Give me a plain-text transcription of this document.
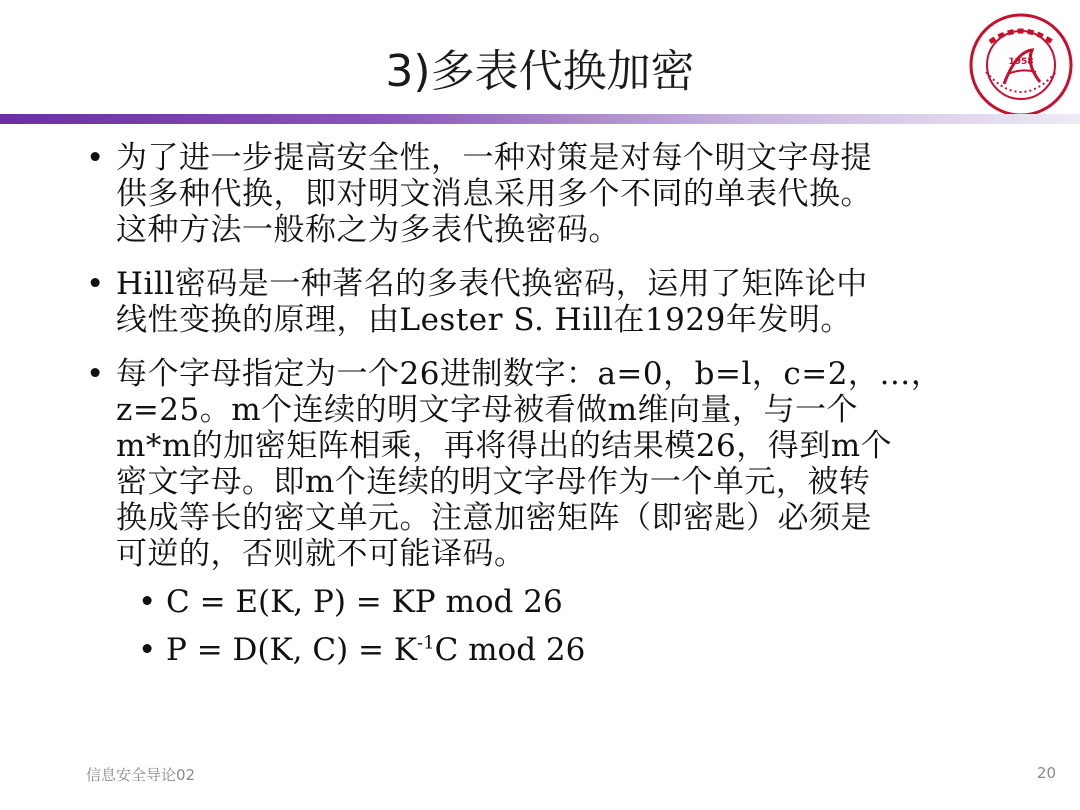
3)多表代换加密	1958
• 为了进一步提高安全性，一种对策是对每个明文字母提
供多种代换，即对明文消息采用多个不同的单表代换。
这种方法一般称之为多表代换密码。
• Hill密码是一种著名的多表代换密码，运用了矩阵论中
线性变换的原理，由Lester S. Hill在1929年发明。
• 每个字母指定为一个26进制数字：a=0，b=l，c=2，…，
z=25。m个连续的明文字母被看做m维向量，与一个
m*m的加密矩阵相乘，再将得出的结果模26，得到m个
密文字母。即m个连续的明文字母作为一个单元，被转
换成等长的密文单元。注意加密矩阵（即密匙）必须是
可逆的，否则就不可能译码。
• C = E(K, P) = KP mod 26
• P = D(K, $C) = K^{-1}C$ mod 26
信息安全导论02	20
